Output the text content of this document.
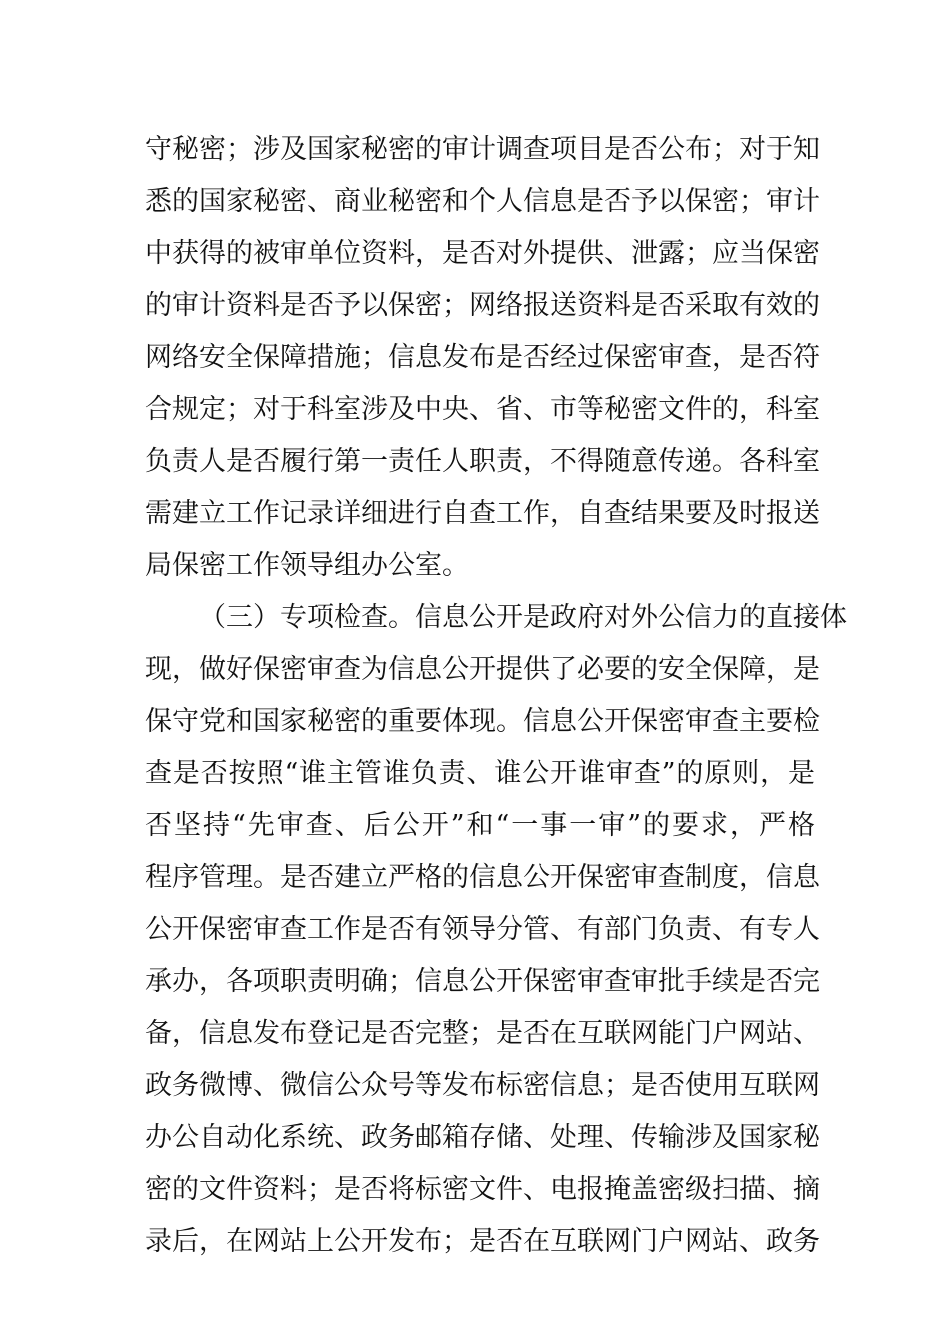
守秘密；涉及国家秘密的审计调查项目是否公布；对于知
悉的国家秘密、商业秘密和个人信息是否予以保密；审计
中获得的被审单位资料，是否对外提供、泄露；应当保密
的审计资料是否予以保密；网络报送资料是否采取有效的
网络安全保障措施；信息发布是否经过保密审查，是否符
合规定；对于科室涉及中央、省、市等秘密文件的，科室
负责人是否履行第一责任人职责，不得随意传递。各科室
需建立工作记录详细进行自查工作，自查结果要及时报送
局保密工作领导组办公室。
（三）专项检查。信息公开是政府对外公信力的直接体
现，做好保密审查为信息公开提供了必要的安全保障，是
保守党和国家秘密的重要体现。信息公开保密审查主要检
查是否按照“谁主管谁负责、谁公开谁审查”的原则，是
否坚持“先审查、后公开”和“一事一审”的要求，严格
程序管理。是否建立严格的信息公开保密审查制度，信息
公开保密审查工作是否有领导分管、有部门负责、有专人
承办，各项职责明确；信息公开保密审查审批手续是否完
备，信息发布登记是否完整；是否在互联网能门户网站、
政务微博、微信公众号等发布标密信息；是否使用互联网
办公自动化系统、政务邮箱存储、处理、传输涉及国家秘
密的文件资料；是否将标密文件、电报掩盖密级扫描、摘
录后，在网站上公开发布；是否在互联网门户网站、政务
